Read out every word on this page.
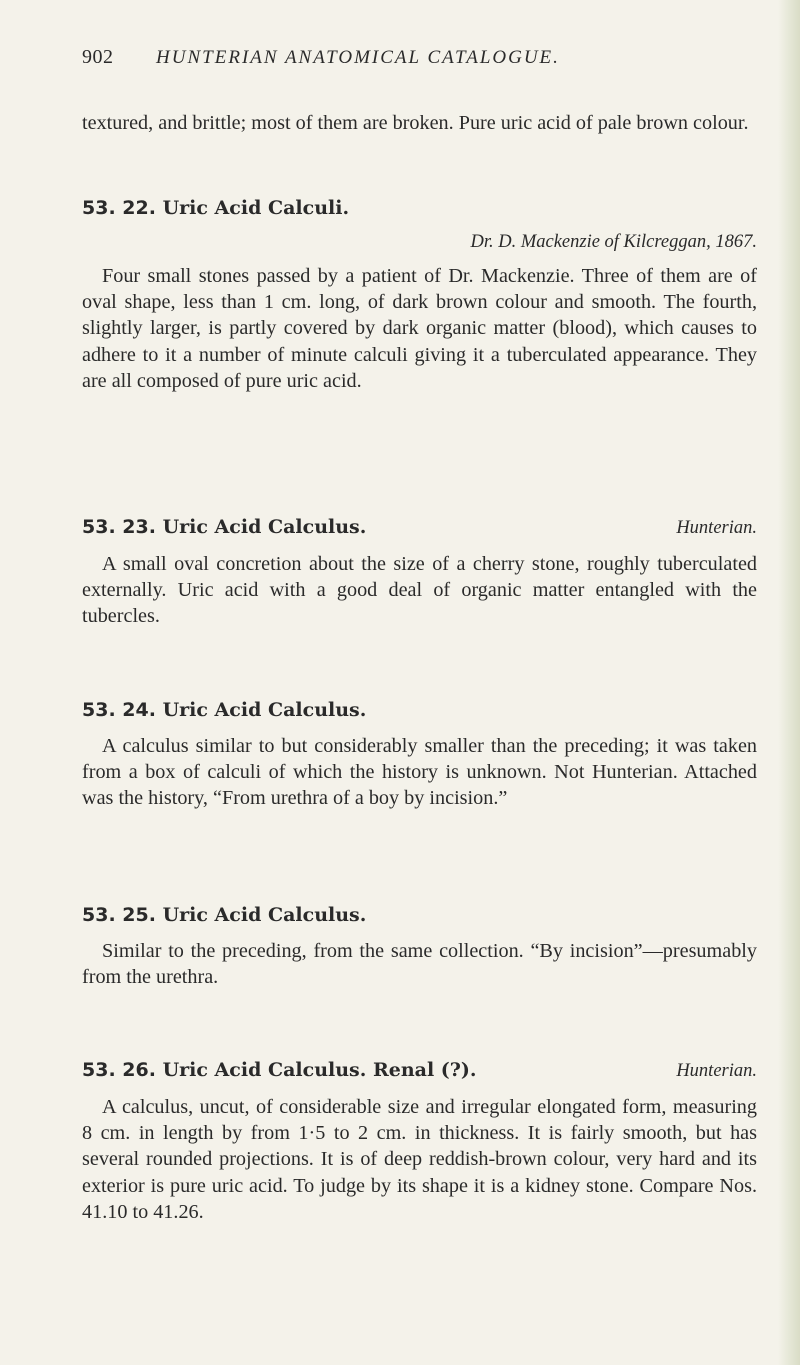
902 HUNTERIAN ANATOMICAL CATALOGUE.
textured, and brittle; most of them are broken. Pure uric acid of pale brown colour.
53. 22. Uric Acid Calculi.
Dr. D. Mackenzie of Kilcreggan, 1867.
Four small stones passed by a patient of Dr. Mackenzie. Three of them are of oval shape, less than 1 cm. long, of dark brown colour and smooth. The fourth, slightly larger, is partly covered by dark organic matter (blood), which causes to adhere to it a number of minute calculi giving it a tuberculated appearance. They are all composed of pure uric acid.
53. 23. Uric Acid Calculus.	Hunterian.
A small oval concretion about the size of a cherry stone, roughly tuberculated externally. Uric acid with a good deal of organic matter entangled with the tubercles.
53. 24. Uric Acid Calculus.
A calculus similar to but considerably smaller than the preceding; it was taken from a box of calculi of which the history is unknown. Not Hunterian. Attached was the history, “From urethra of a boy by incision.”
53. 25. Uric Acid Calculus.
Similar to the preceding, from the same collection. “By incision”—presumably from the urethra.
53. 26. Uric Acid Calculus. Renal (?).	Hunterian.
A calculus, uncut, of considerable size and irregular elongated form, measuring 8 cm. in length by from 1·5 to 2 cm. in thickness. It is fairly smooth, but has several rounded projections. It is of deep reddish-brown colour, very hard and its exterior is pure uric acid. To judge by its shape it is a kidney stone. Compare Nos. 41.10 to 41.26.
